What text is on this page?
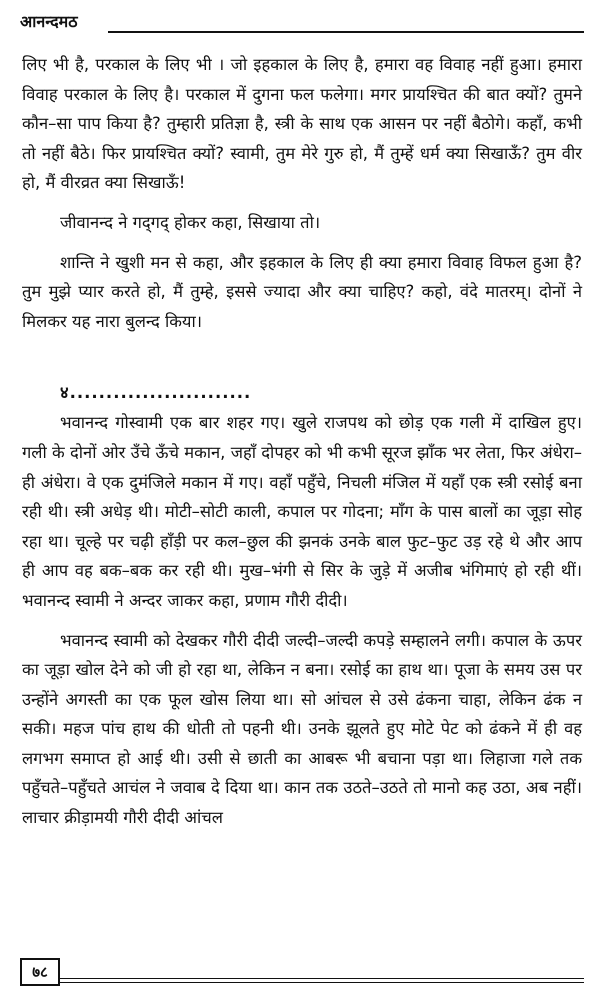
आनन्दमठ

लिए भी है, परकाल के लिए भी । जो इहकाल के लिए है, हमारा वह विवाह नहीं हुआ। हमारा विवाह परकाल के लिए है। परकाल में दुगना फल फलेगा। मगर प्रायश्चित की बात क्यों? तुमने कौन–सा पाप किया है? तुम्हारी प्रतिज्ञा है, स्त्री के साथ एक आसन पर नहीं बैठोगे। कहाँ, कभी तो नहीं बैठे। फिर प्रायश्चित क्यों? स्वामी, तुम मेरे गुरु हो, मैं तुम्हें धर्म क्या सिखाऊँ? तुम वीर हो, मैं वीरव्रत क्या सिखाऊँ!

जीवानन्द ने गद्‌गद् होकर कहा, सिखाया तो।

शान्ति ने खुशी मन से कहा, और इहकाल के लिए ही क्या हमारा विवाह विफल हुआ है? तुम मुझे प्यार करते हो, मैं तुम्हे, इससे ज्यादा और क्या चाहिए? कहो, वंदे मातरम्। दोनों ने मिलकर यह नारा बुलन्द किया।

४.........................

भवानन्द गोस्वामी एक बार शहर गए। खुले राजपथ को छोड़ एक गली में दाखिल हुए। गली के दोनों ओर उँचे ऊँचे मकान, जहाँ दोपहर को भी कभी सूरज झाँक भर लेता, फिर अंधेरा–ही अंधेरा। वे एक दुमंजिले मकान में गए। वहाँ पहुँचे, निचली मंजिल में यहाँ एक स्त्री रसोई बना रही थी। स्त्री अधेड़ थी। मोटी–सोटी काली, कपाल पर गोदना; माँग के पास बालों का जूड़ा सोह रहा था। चूल्हे पर चढ़ी हाँड़ी पर कल–छुल की झनकं उनके बाल फुट–फुट उड़ रहे थे और आप ही आप वह बक–बक कर रही थी। मुख–भंगी से सिर के जुड़े में अजीब भंगिमाएं हो रही थीं। भवानन्द स्वामी ने अन्दर जाकर कहा, प्रणाम गौरी दीदी।

भवानन्द स्वामी को देखकर गौरी दीदी जल्दी–जल्दी कपड़े सम्हालने लगी। कपाल के ऊपर का जूड़ा खोल देने को जी हो रहा था, लेकिन न बना। रसोई का हाथ था। पूजा के समय उस पर उन्होंने अगस्ती का एक फूल खोस लिया था। सो आंचल से उसे ढंकना चाहा, लेकिन ढंक न सकी। महज पांच हाथ की धोती तो पहनी थी। उनके झूलते हुए मोटे पेट को ढंकने में ही वह लगभग समाप्त हो आई थी। उसी से छाती का आबरू भी बचाना पड़ा था। लिहाजा गले तक पहुँचते–पहुँचते आचंल ने जवाब दे दिया था। कान तक उठते–उठते तो मानो कह उठा, अब नहीं। लाचार क्रीड़ामयी गौरी दीदी आंचल

७८
